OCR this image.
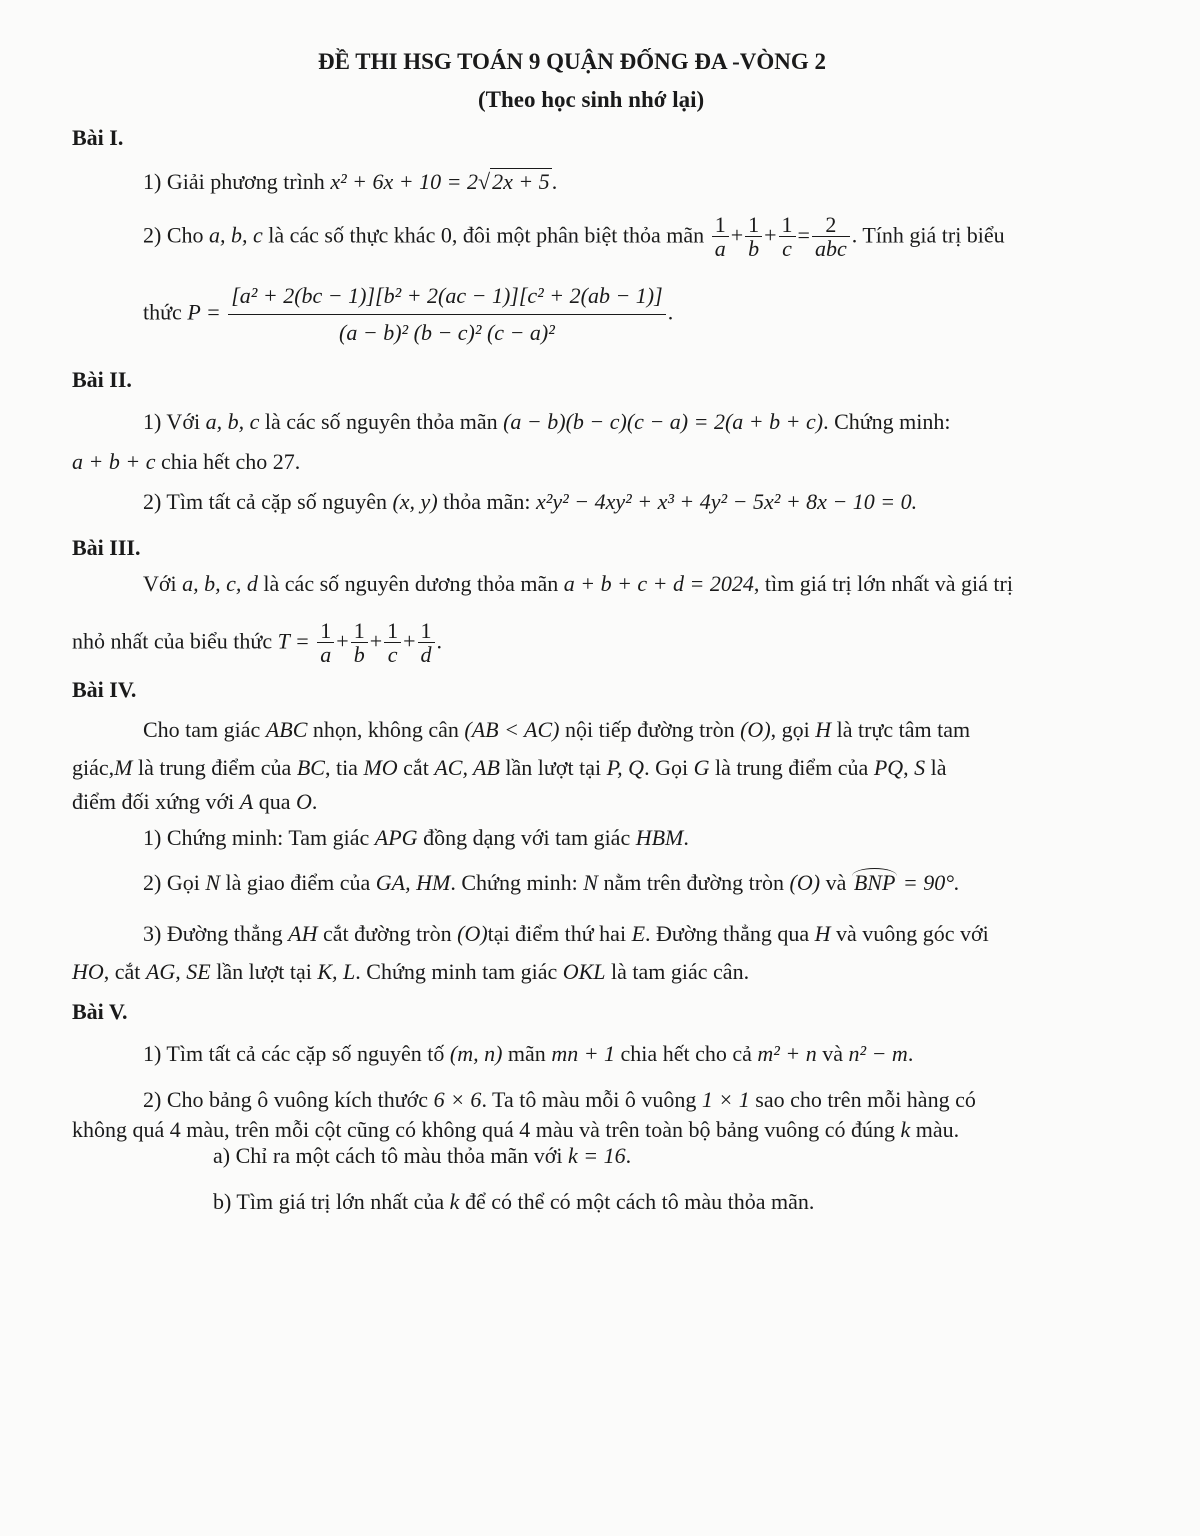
ĐỀ THI HSG TOÁN 9 QUẬN ĐỐNG ĐA -VÒNG 2
(Theo học sinh nhớ lại)
Bài I.
1) Giải phương trình x² + 6x + 10 = 2√2x + 5.
2) Cho a, b, c là các số thực khác 0, đôi một phân biệt thỏa mãn $\frac{1}{a} + \frac{1}{b} + \frac{1}{c} = \frac{2}{\text{abc}}$ . Tính giá trị biểu
thức $P = \frac{\text{[a² + 2(bc − 1)][b² + 2(ac − 1)][c² + 2(ab − 1)]}}{\text{(a − b)² (b − c)² (c − a)²}}$ .
Bài II.
1) Với a, b, c là các số nguyên thỏa mãn (a − b)(b − c)(c − a) = 2(a + b + c). Chứng minh:
a + b + c chia hết cho 27.
2) Tìm tất cả cặp số nguyên (x, y) thỏa mãn: x²y² − 4xy² + x³ + 4y² − 5x² + 8x − 10 = 0.
Bài III.
Với a, b, c, d là các số nguyên dương thỏa mãn a + b + c + d = 2024, tìm giá trị lớn nhất và giá trị
nhỏ nhất của biểu thức $T = \frac{1}{a} + \frac{1}{b} + \frac{1}{c} + \frac{1}{d}$ .
Bài IV.
Cho tam giác ABC nhọn, không cân (AB < AC) nội tiếp đường tròn (O), gọi H là trực tâm tam
giác,M là trung điểm của BC, tia MO cắt AC, AB lần lượt tại P, Q. Gọi G là trung điểm của PQ, S là
điểm đối xứng với A qua O.
1) Chứng minh: Tam giác APG đồng dạng với tam giác HBM.
2) Gọi N là giao điểm của GA, HM. Chứng minh: N nằm trên đường tròn (O) và BNP = 90°.
3) Đường thẳng AH cắt đường tròn (O)tại điểm thứ hai E. Đường thẳng qua H và vuông góc với
HO, cắt AG, SE lần lượt tại K, L. Chứng minh tam giác OKL là tam giác cân.
Bài V.
1) Tìm tất cả các cặp số nguyên tố (m, n) mãn mn + 1 chia hết cho cả m² + n và n² − m.
2) Cho bảng ô vuông kích thước 6 × 6. Ta tô màu mỗi ô vuông 1 × 1 sao cho trên mỗi hàng có
không quá 4 màu, trên mỗi cột cũng có không quá 4 màu và trên toàn bộ bảng vuông có đúng k màu.
a) Chỉ ra một cách tô màu thỏa mãn với k = 16.
b) Tìm giá trị lớn nhất của k để có thể có một cách tô màu thỏa mãn.
